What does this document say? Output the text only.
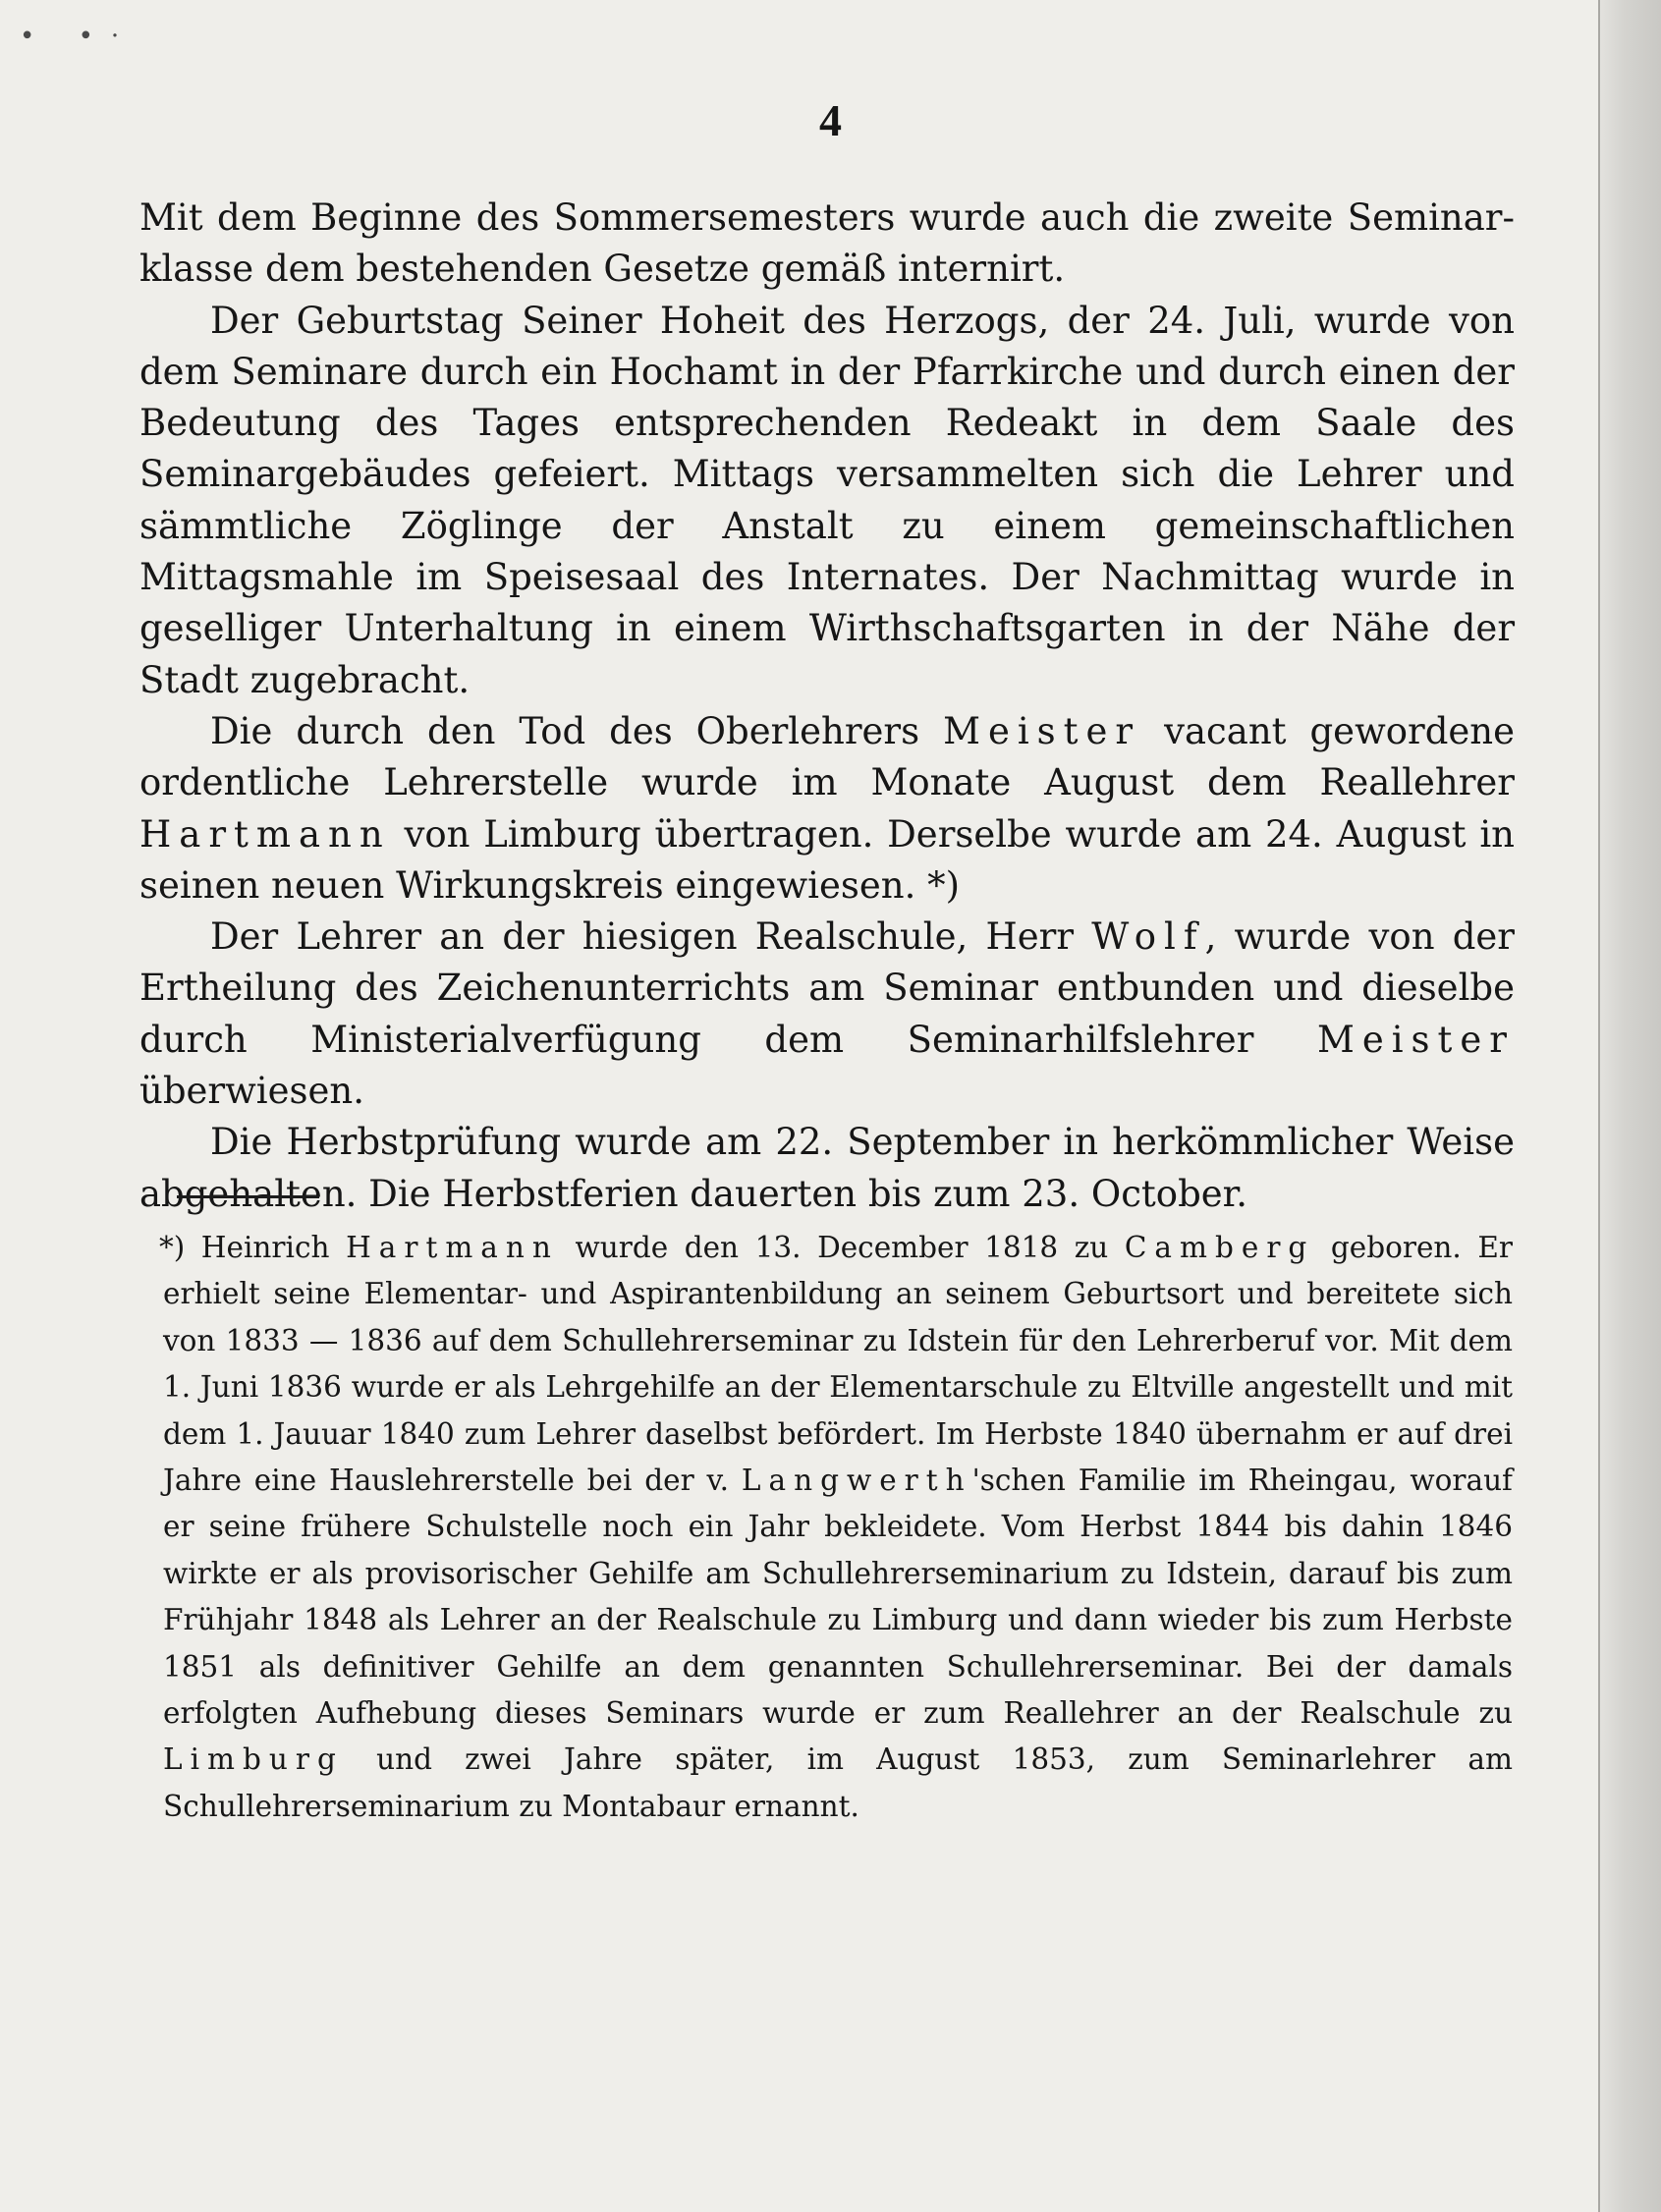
• •·
4

Mit dem Beginne des Sommersemesters wurde auch die zweite Seminar-klasse dem bestehenden Gesetze gemäß internirt.

Der Geburtstag Seiner Hoheit des Herzogs, der 24. Juli, wurde von dem Seminare durch ein Hochamt in der Pfarrkirche und durch einen der Bedeutung des Tages entsprechenden Redeakt in dem Saale des Seminargebäudes gefeiert. Mittags versammelten sich die Lehrer und sämmtliche Zöglinge der Anstalt zu einem gemeinschaftlichen Mittagsmahle im Speisesaal des Internates. Der Nachmittag wurde in geselliger Unterhaltung in einem Wirthschaftsgarten in der Nähe der Stadt zugebracht.

Die durch den Tod des Oberlehrers Meister vacant gewordene ordentliche Lehrerstelle wurde im Monate August dem Reallehrer Hartmann von Limburg übertragen. Derselbe wurde am 24. August in seinen neuen Wirkungskreis eingewiesen. *)

Der Lehrer an der hiesigen Realschule, Herr Wolf, wurde von der Ertheilung des Zeichenunterrichts am Seminar entbunden und dieselbe durch Ministerialverfügung dem Seminarhilfslehrer Meister überwiesen.

Die Herbstprüfung wurde am 22. September in herkömmlicher Weise abgehalten. Die Herbstferien dauerten bis zum 23. October.

*) Heinrich Hartmann wurde den 13. December 1818 zu Camberg geboren. Er erhielt seine Elementar- und Aspirantenbildung an seinem Geburtsort und bereitete sich von 1833 — 1836 auf dem Schullehrerseminar zu Idstein für den Lehrerberuf vor. Mit dem 1. Juni 1836 wurde er als Lehrgehilfe an der Elementarschule zu Eltville angestellt und mit dem 1. Jauuar 1840 zum Lehrer daselbst befördert. Im Herbste 1840 übernahm er auf drei Jahre eine Hauslehrerstelle bei der v. Langwerth'schen Familie im Rheingau, worauf er seine frühere Schulstelle noch ein Jahr bekleidete. Vom Herbst 1844 bis dahin 1846 wirkte er als provisorischer Gehilfe am Schullehrerseminarium zu Idstein, darauf bis zum Frühjahr 1848 als Lehrer an der Realschule zu Limburg und dann wieder bis zum Herbste 1851 als definitiver Gehilfe an dem genannten Schullehrerseminar. Bei der damals erfolgten Aufhebung dieses Seminars wurde er zum Reallehrer an der Realschule zu Limburg und zwei Jahre später, im August 1853, zum Seminarlehrer am Schullehrerseminarium zu Montabaur ernannt.
